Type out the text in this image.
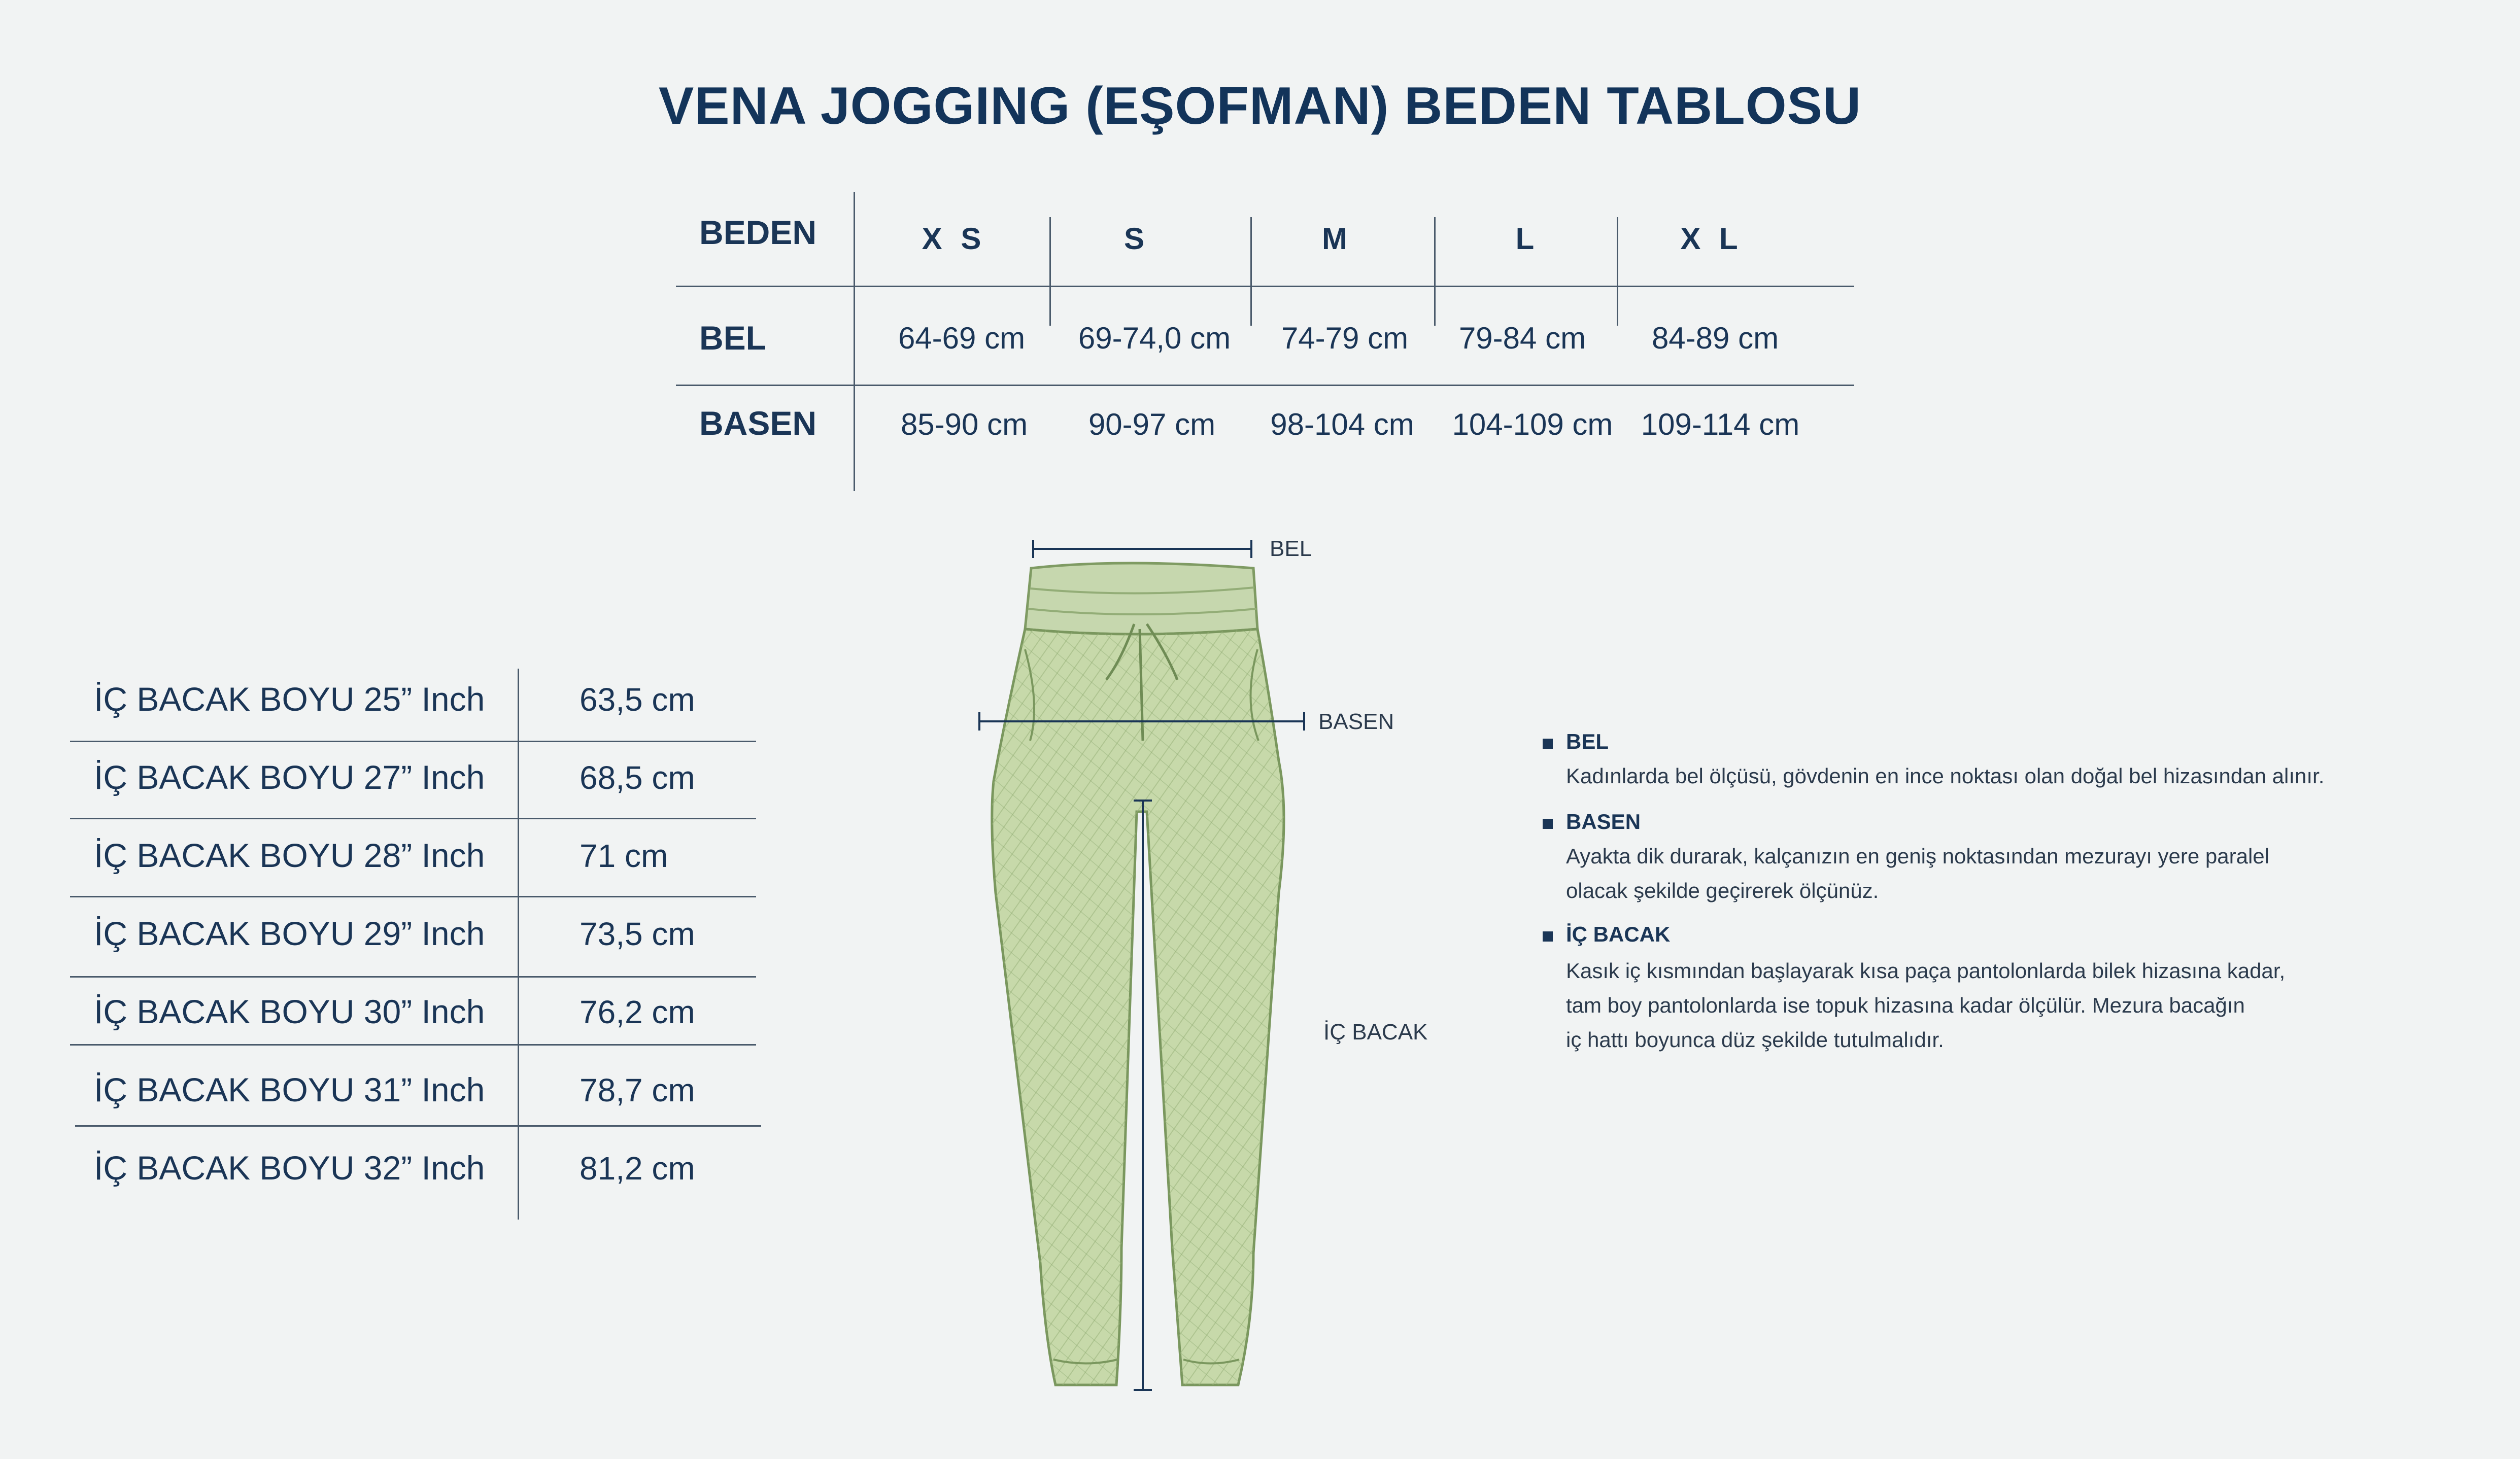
VENA JOGGING (EŞOFMAN) BEDEN TABLOSU
BEDEN	X S	S	M	L	X L
BEL	64-69 cm	69-74,0 cm	74-79 cm	79-84 cm	84-89 cm
BASEN	85-90 cm	90-97 cm	98-104 cm	104-109 cm 109-114 cm
İÇ BACAK BOYU 25” Inch	63,5 cm
İÇ BACAK BOYU 27” Inch	68,5 cm
İÇ BACAK BOYU 28” Inch	71 cm
İÇ BACAK BOYU 29” Inch	73,5 cm
İÇ BACAK BOYU 30” Inch	76,2 cm
İÇ BACAK BOYU 31” Inch	78,7 cm
İÇ BACAK BOYU 32” Inch	81,2 cm
BEL
BASEN
İÇ BACAK
BEL
Kadınlarda bel ölçüsü, gövdenin en ince noktası olan doğal bel hizasından alınır.
BASEN
Ayakta dik durarak, kalçanızın en geniş noktasından mezurayı yere paralel
olacak şekilde geçirerek ölçünüz.
İÇ BACAK
Kasık iç kısmından başlayarak kısa paça pantolonlarda bilek hizasına kadar,
tam boy pantolonlarda ise topuk hizasına kadar ölçülür. Mezura bacağın
iç hattı boyunca düz şekilde tutulmalıdır.
